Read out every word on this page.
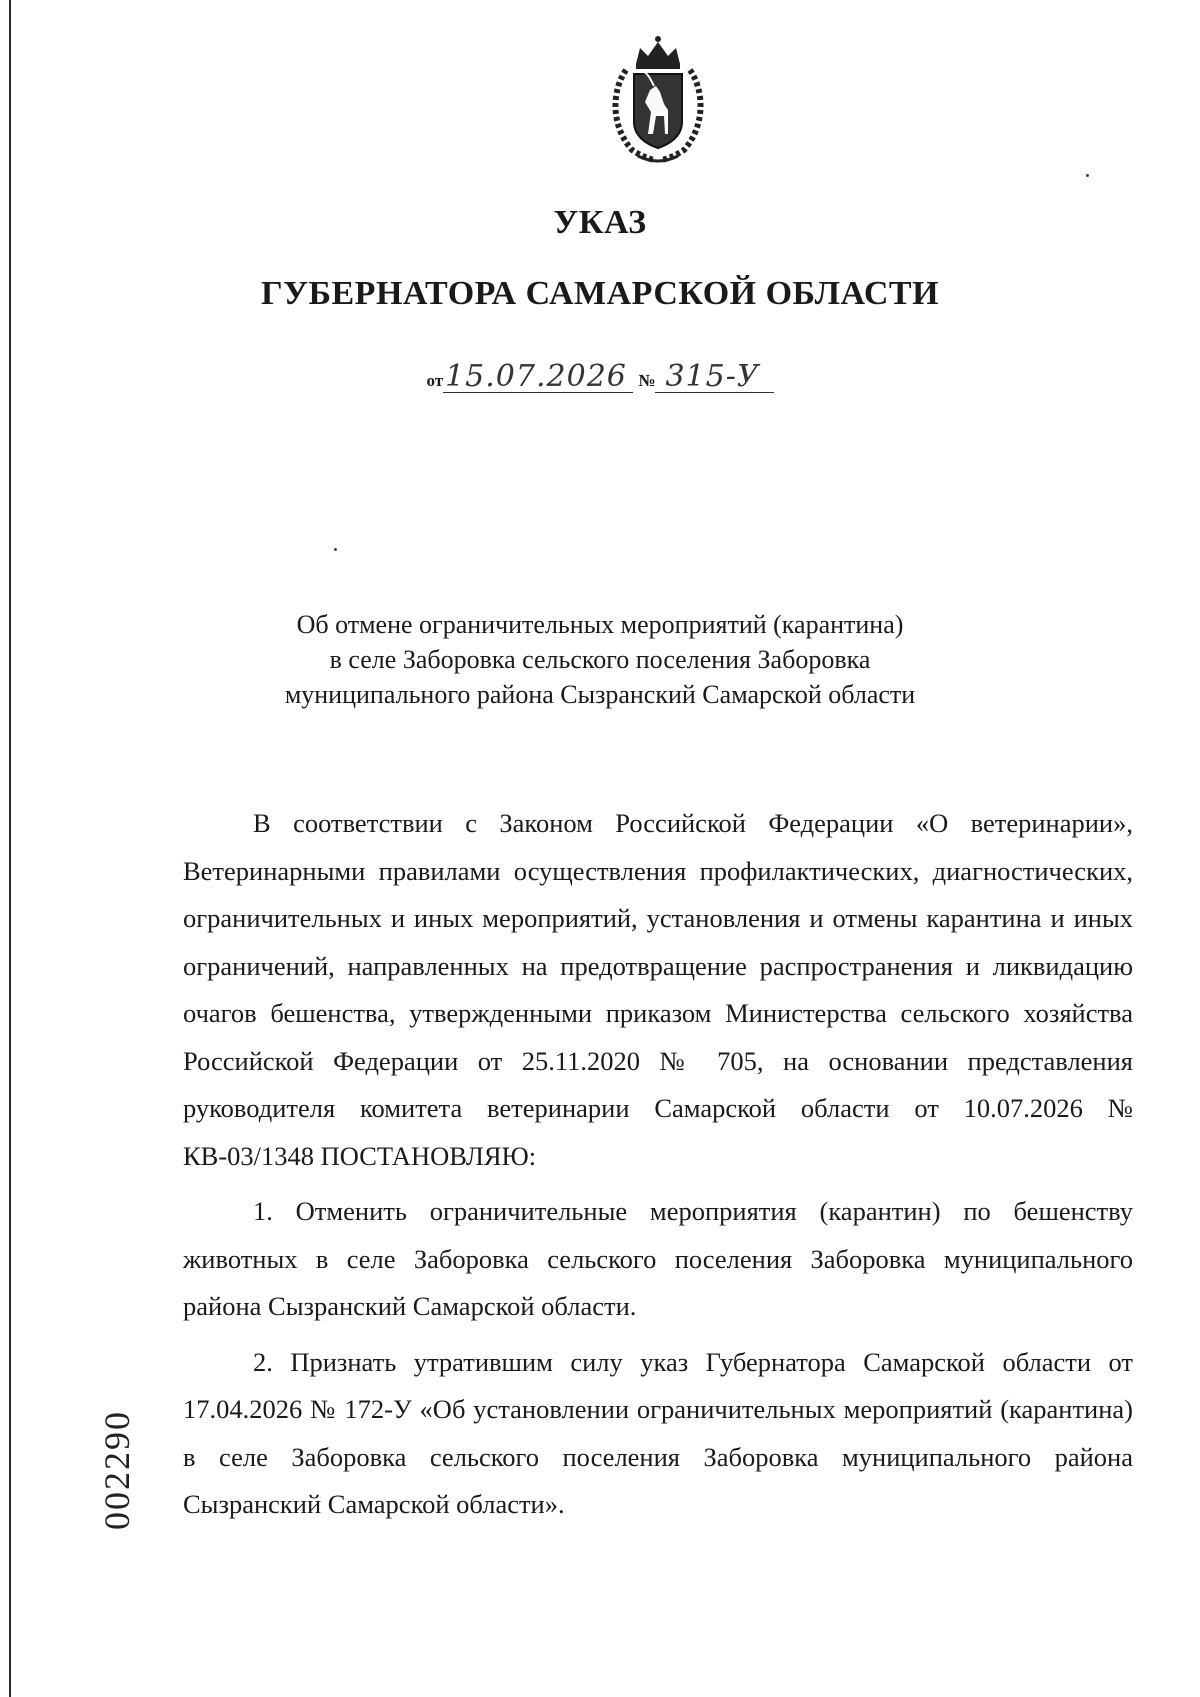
УКАЗ
ГУБЕРНАТОРА САМАРСКОЙ ОБЛАСТИ
от15.07.2026 № 315-У
Об отмене ограничительных мероприятий (карантина)
в селе Заборовка сельского поселения Заборовка
муниципального района Сызранский Самарской области

В соответствии с Законом Российской Федерации «О ветеринарии», Ветеринарными правилами осуществления профилактических, диагностических, ограничительных и иных мероприятий, установления и отмены карантина и иных ограничений, направленных на предотвращение распространения и ликвидацию очагов бешенства, утвержденными приказом Министерства сельского хозяйства Российской Федерации от 25.11.2020 № 705, на основании представления руководителя комитета ветеринарии Самарской области от 10.07.2026 № КВ-03/1348 ПОСТАНОВЛЯЮ:

1. Отменить ограничительные мероприятия (карантин) по бешенству животных в селе Заборовка сельского поселения Заборовка муниципального района Сызранский Самарской области.

2. Признать утратившим силу указ Губернатора Самарской области от 17.04.2026 № 172-У «Об установлении ограничительных мероприятий (карантина) в селе Заборовка сельского поселения Заборовка муниципального района Сызранский Самарской области».

002290
